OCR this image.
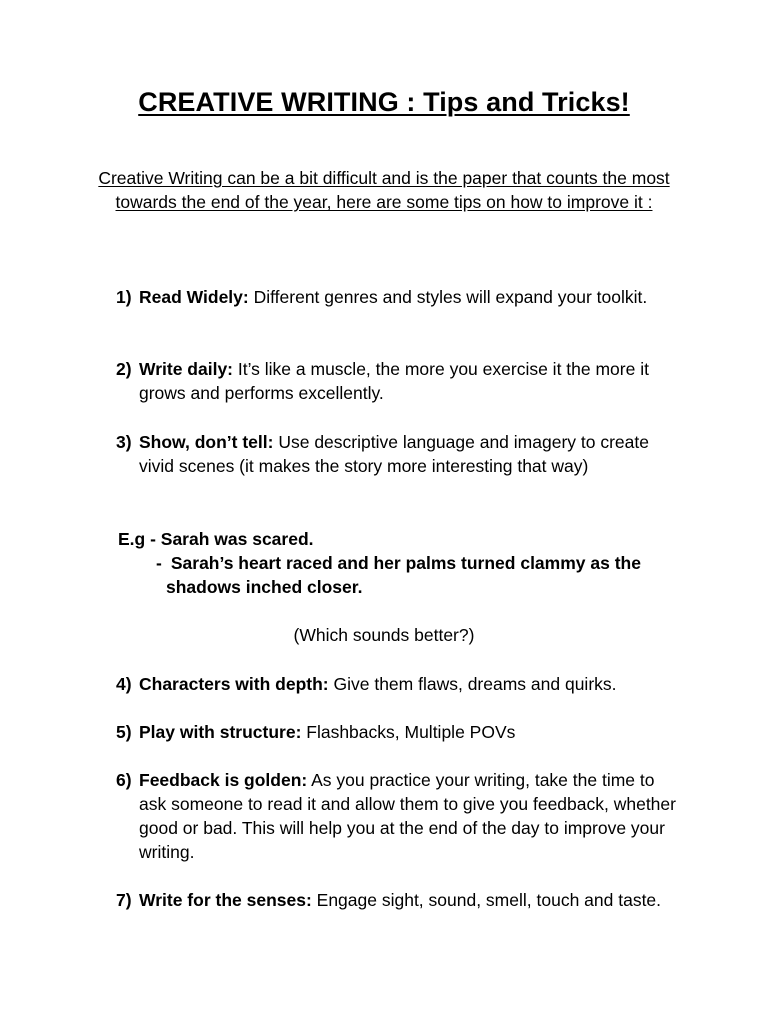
CREATIVE WRITING : Tips and Tricks!
Creative Writing can be a bit difficult and is the paper that counts the most towards the end of the year, here are some tips on how to improve it :
1) Read Widely: Different genres and styles will expand your toolkit.
2) Write daily: It’s like a muscle, the more you exercise it the more it grows and performs excellently.
3) Show, don’t tell: Use descriptive language and imagery to create vivid scenes (it makes the story more interesting that way)
E.g - Sarah was scared.
- Sarah’s heart raced and her palms turned clammy as the shadows inched closer.
(Which sounds better?)
4) Characters with depth: Give them flaws, dreams and quirks.
5) Play with structure: Flashbacks, Multiple POVs
6) Feedback is golden: As you practice your writing, take the time to ask someone to read it and allow them to give you feedback, whether good or bad. This will help you at the end of the day to improve your writing.
7) Write for the senses: Engage sight, sound, smell, touch and taste.
